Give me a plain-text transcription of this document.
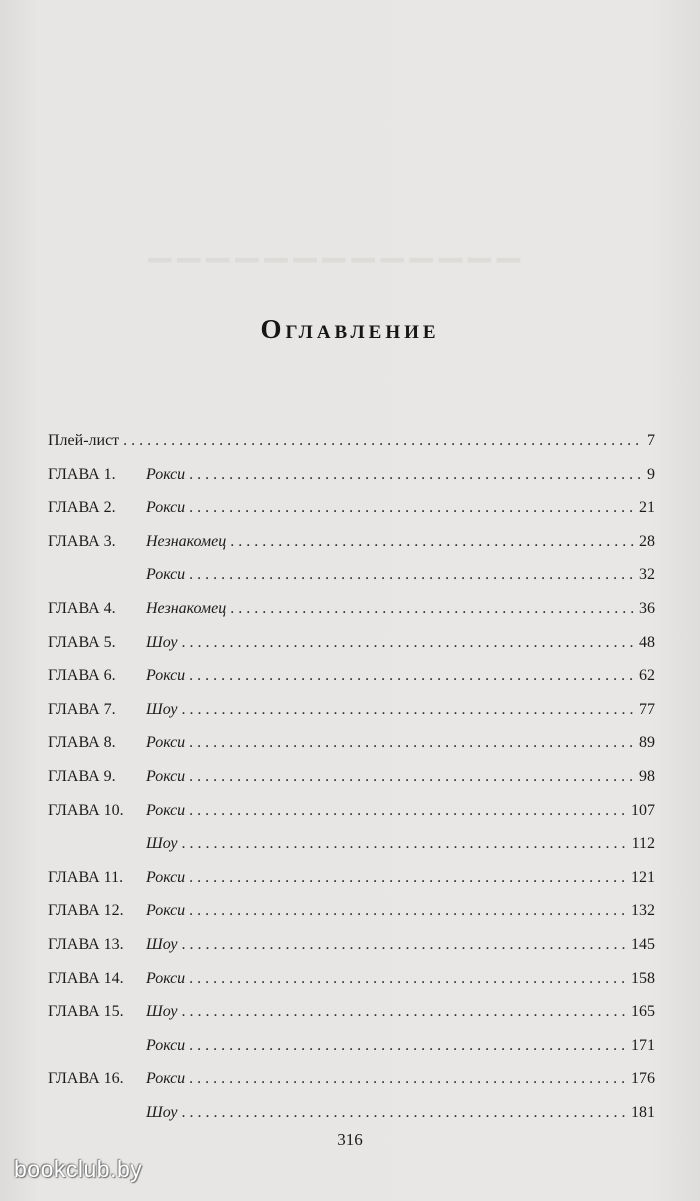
▁▁▁▁▁▁▁▁▁▁▁▁▁
Оглавление
Плей-лист . . .	7
ГЛАВА 1.	Рокси . . .	9
ГЛАВА 2.	Рокси . . .	21
ГЛАВА 3.	Незнакомец . . .	28
Рокси . . .	32
ГЛАВА 4.	Незнакомец . . .	36
ГЛАВА 5.	Шоу . . .	48
ГЛАВА 6.	Рокси . . .	62
ГЛАВА 7.	Шоу . . .	77
ГЛАВА 8.	Рокси . . .	89
ГЛАВА 9.	Рокси . . .	98
ГЛАВА 10.	Рокси . . .	107
Шоу . . .	112
ГЛАВА 11.	Рокси . . .	121
ГЛАВА 12.	Рокси . . .	132
ГЛАВА 13.	Шоу . . .	145
ГЛАВА 14.	Рокси . . .	158
ГЛАВА 15.	Шоу . . .	165
Рокси . . .	171
ГЛАВА 16.	Рокси . . .	176
Шоу . . .	181
316
bookclub.by
